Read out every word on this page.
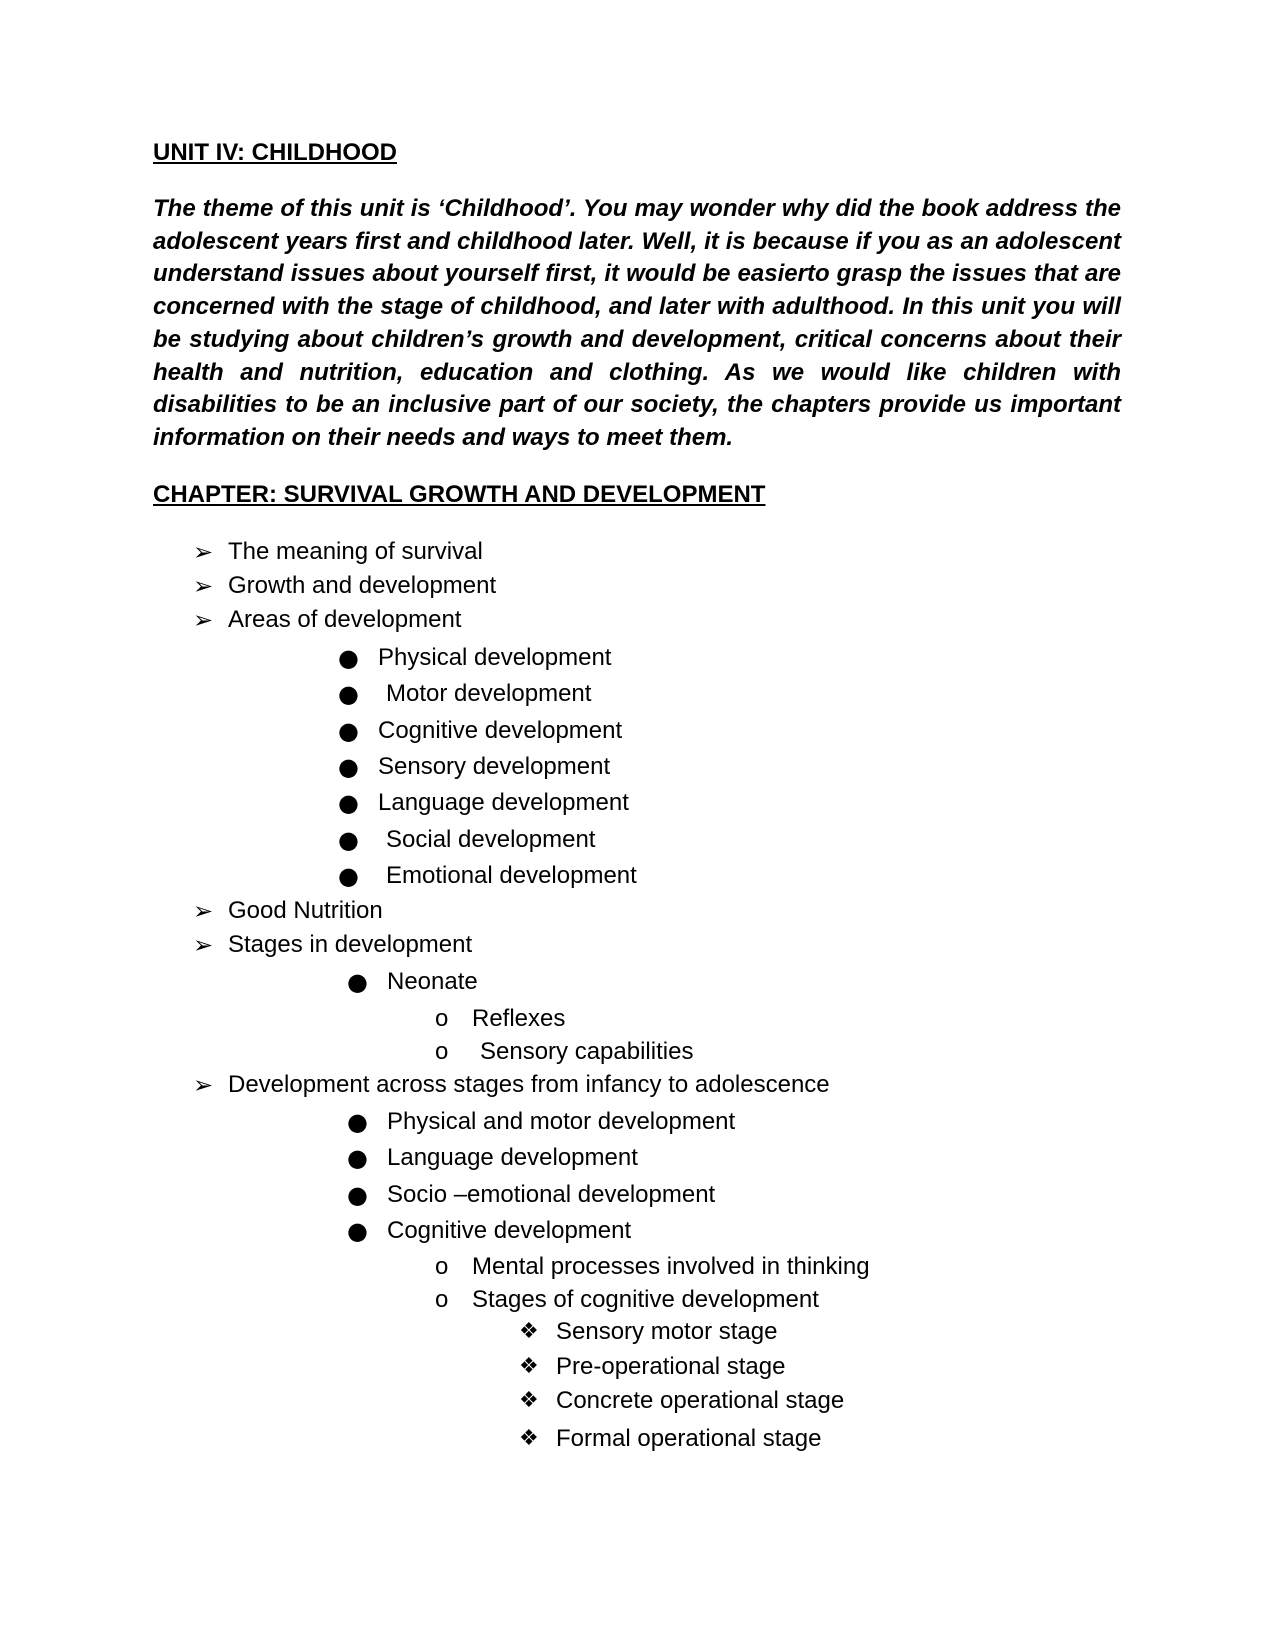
UNIT IV: CHILDHOOD

The theme of this unit is ‘Childhood’. You may wonder why did the book address the adolescent years first and childhood later. Well, it is because if you as an adolescent understand issues about yourself first, it would be easierto grasp the issues that are concerned with the stage of childhood, and later with adulthood. In this unit you will be studying about children’s growth and development, critical concerns about their health and nutrition, education and clothing. As we would like children with disabilities to be an inclusive part of our society, the chapters provide us important information on their needs and ways to meet them.

CHAPTER: SURVIVAL GROWTH AND DEVELOPMENT
➢ The meaning of survival
➢ Growth and development
➢ Areas of development
● Physical development
● Motor development
● Cognitive development
● Sensory development
● Language development
● Social development
● Emotional development
➢ Good Nutrition
➢ Stages in development
● Neonate
o Reflexes
o Sensory capabilities
➢ Development across stages from infancy to adolescence
● Physical and motor development
● Language development
● Socio –emotional development
● Cognitive development
o Mental processes involved in thinking
o Stages of cognitive development
❖ Sensory motor stage
❖ Pre-operational stage
❖ Concrete operational stage
❖ Formal operational stage
